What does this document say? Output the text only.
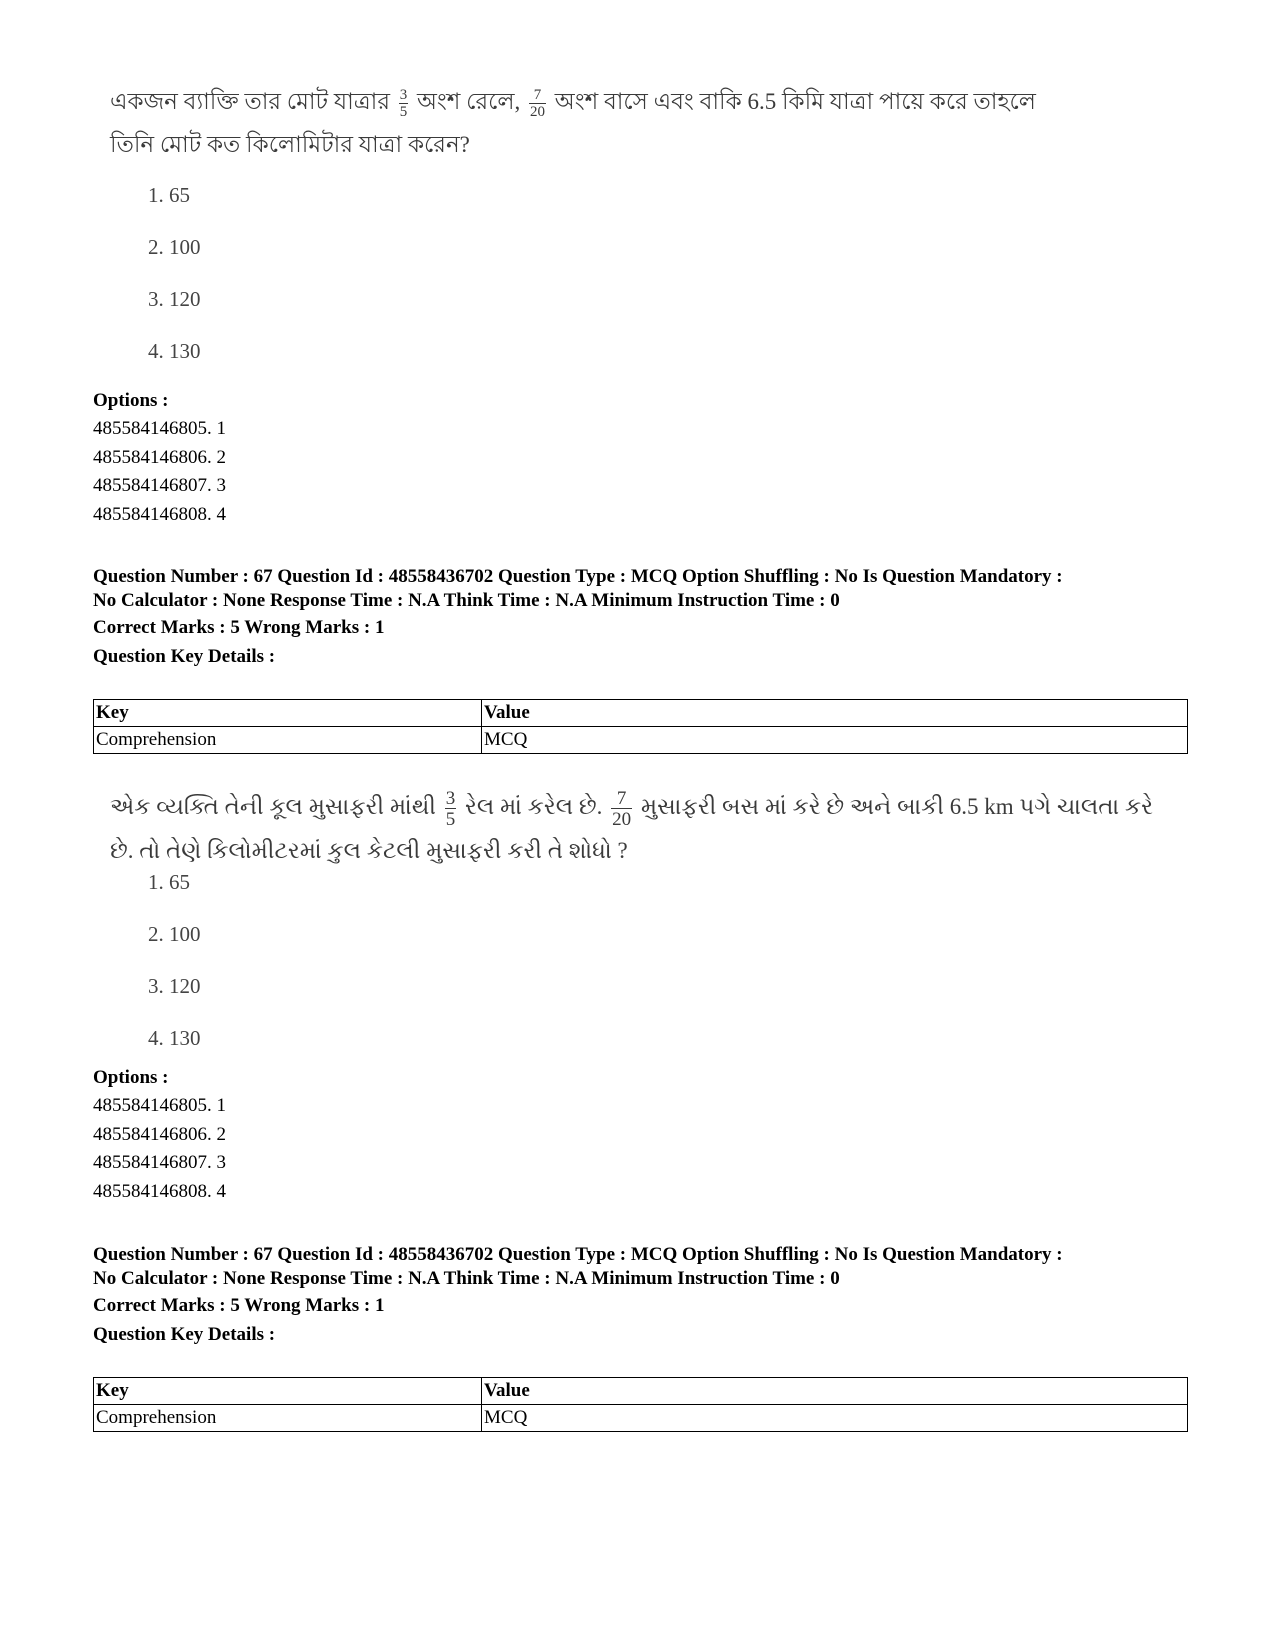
একজন ব্যাক্তি তার মোট যাত্রার $\frac{3}{5}$ অংশ রেলে, $\frac{7}{20}$ অংশ বাসে এবং বাকি 6.5 কিমি যাত্রা পায়ে করে তাহলে
তিনি মোট কত কিলোমিটার যাত্রা করেন?
1. 65
2. 100
3. 120
4. 130
Options :
485584146805. 1
485584146806. 2
485584146807. 3
485584146808. 4
Question Number : 67 Question Id : 48558436702 Question Type : MCQ Option Shuffling : No Is Question Mandatory :
No Calculator : None Response Time : N.A Think Time : N.A Minimum Instruction Time : 0
Correct Marks : 5 Wrong Marks : 1
Question Key Details :
Key	Value
Comprehension	MCQ
એક વ્યક્તિ તેની કૂલ મુસાફરી માંથી $\frac{3}{5}$ રેલ માં કરેલ છે. $\frac{7}{20}$ મુસાફરી બસ માં કરે છે અને બાકી 6.5 km પગે ચાલતા કરે
છે. તો તેણે કિલોમીટરમાં કુલ કેટલી મુસાફરી કરી તે શોધો ?
1. 65
2. 100
3. 120
4. 130
Options :
485584146805. 1
485584146806. 2
485584146807. 3
485584146808. 4
Question Number : 67 Question Id : 48558436702 Question Type : MCQ Option Shuffling : No Is Question Mandatory :
No Calculator : None Response Time : N.A Think Time : N.A Minimum Instruction Time : 0
Correct Marks : 5 Wrong Marks : 1
Question Key Details :
Key	Value
Comprehension	MCQ
